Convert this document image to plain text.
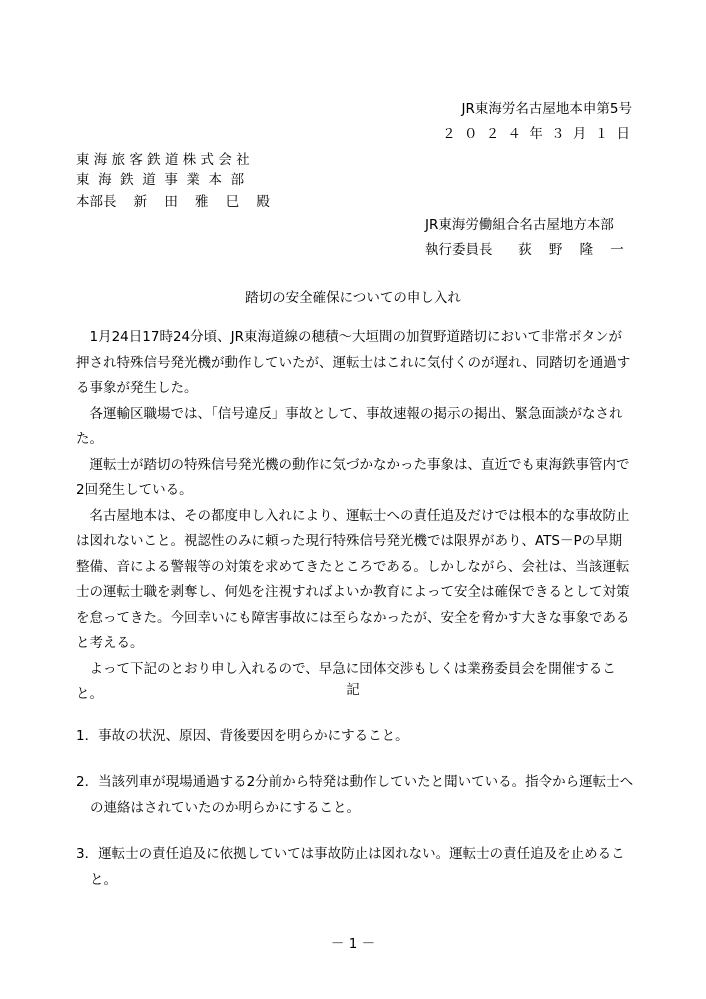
JR東海労名古屋地本申第5号
２ ０ ２ ４ 年 ３ 月 １ 日
東 海 旅 客 鉄 道 株 式 会 社
東  海  鉄  道  事  業  本  部
本部長    新    田    雅    巳    殿
JR東海労働組合名古屋地方本部
執行委員長      荻    野    隆    一
踏切の安全確保についての申し入れ

1月24日17時24分頃、JR東海道線の穂積～大垣間の加賀野道踏切において非常ボタンが押され特殊信号発光機が動作していたが、運転士はこれに気付くのが遅れ、同踏切を通過する事象が発生した。

各運輸区職場では、「信号違反」事故として、事故速報の掲示の掲出、緊急面談がなされた。

運転士が踏切の特殊信号発光機の動作に気づかなかった事象は、直近でも東海鉄事管内で2回発生している。

名古屋地本は、その都度申し入れにより、運転士への責任追及だけでは根本的な事故防止は図れないこと。視認性のみに頼った現行特殊信号発光機では限界があり、ATS－Pの早期整備、音による警報等の対策を求めてきたところである。しかしながら、会社は、当該運転士の運転士職を剥奪し、何処を注視すればよいか教育によって安全は確保できるとして対策を怠ってきた。今回幸いにも障害事故には至らなかったが、安全を脅かす大きな事象であると考える。

よって下記のとおり申し入れるので、早急に団体交渉もしくは業務委員会を開催すること。	記
1．事故の状況、原因、背後要因を明らかにすること。
2．当該列車が現場通過する2分前から特発は動作していたと聞いている。指令から運転士へ
の連絡はされていたのか明らかにすること。
3．運転士の責任追及に依拠していては事故防止は図れない。運転士の責任追及を止めるこ
と。
－ 1 －
